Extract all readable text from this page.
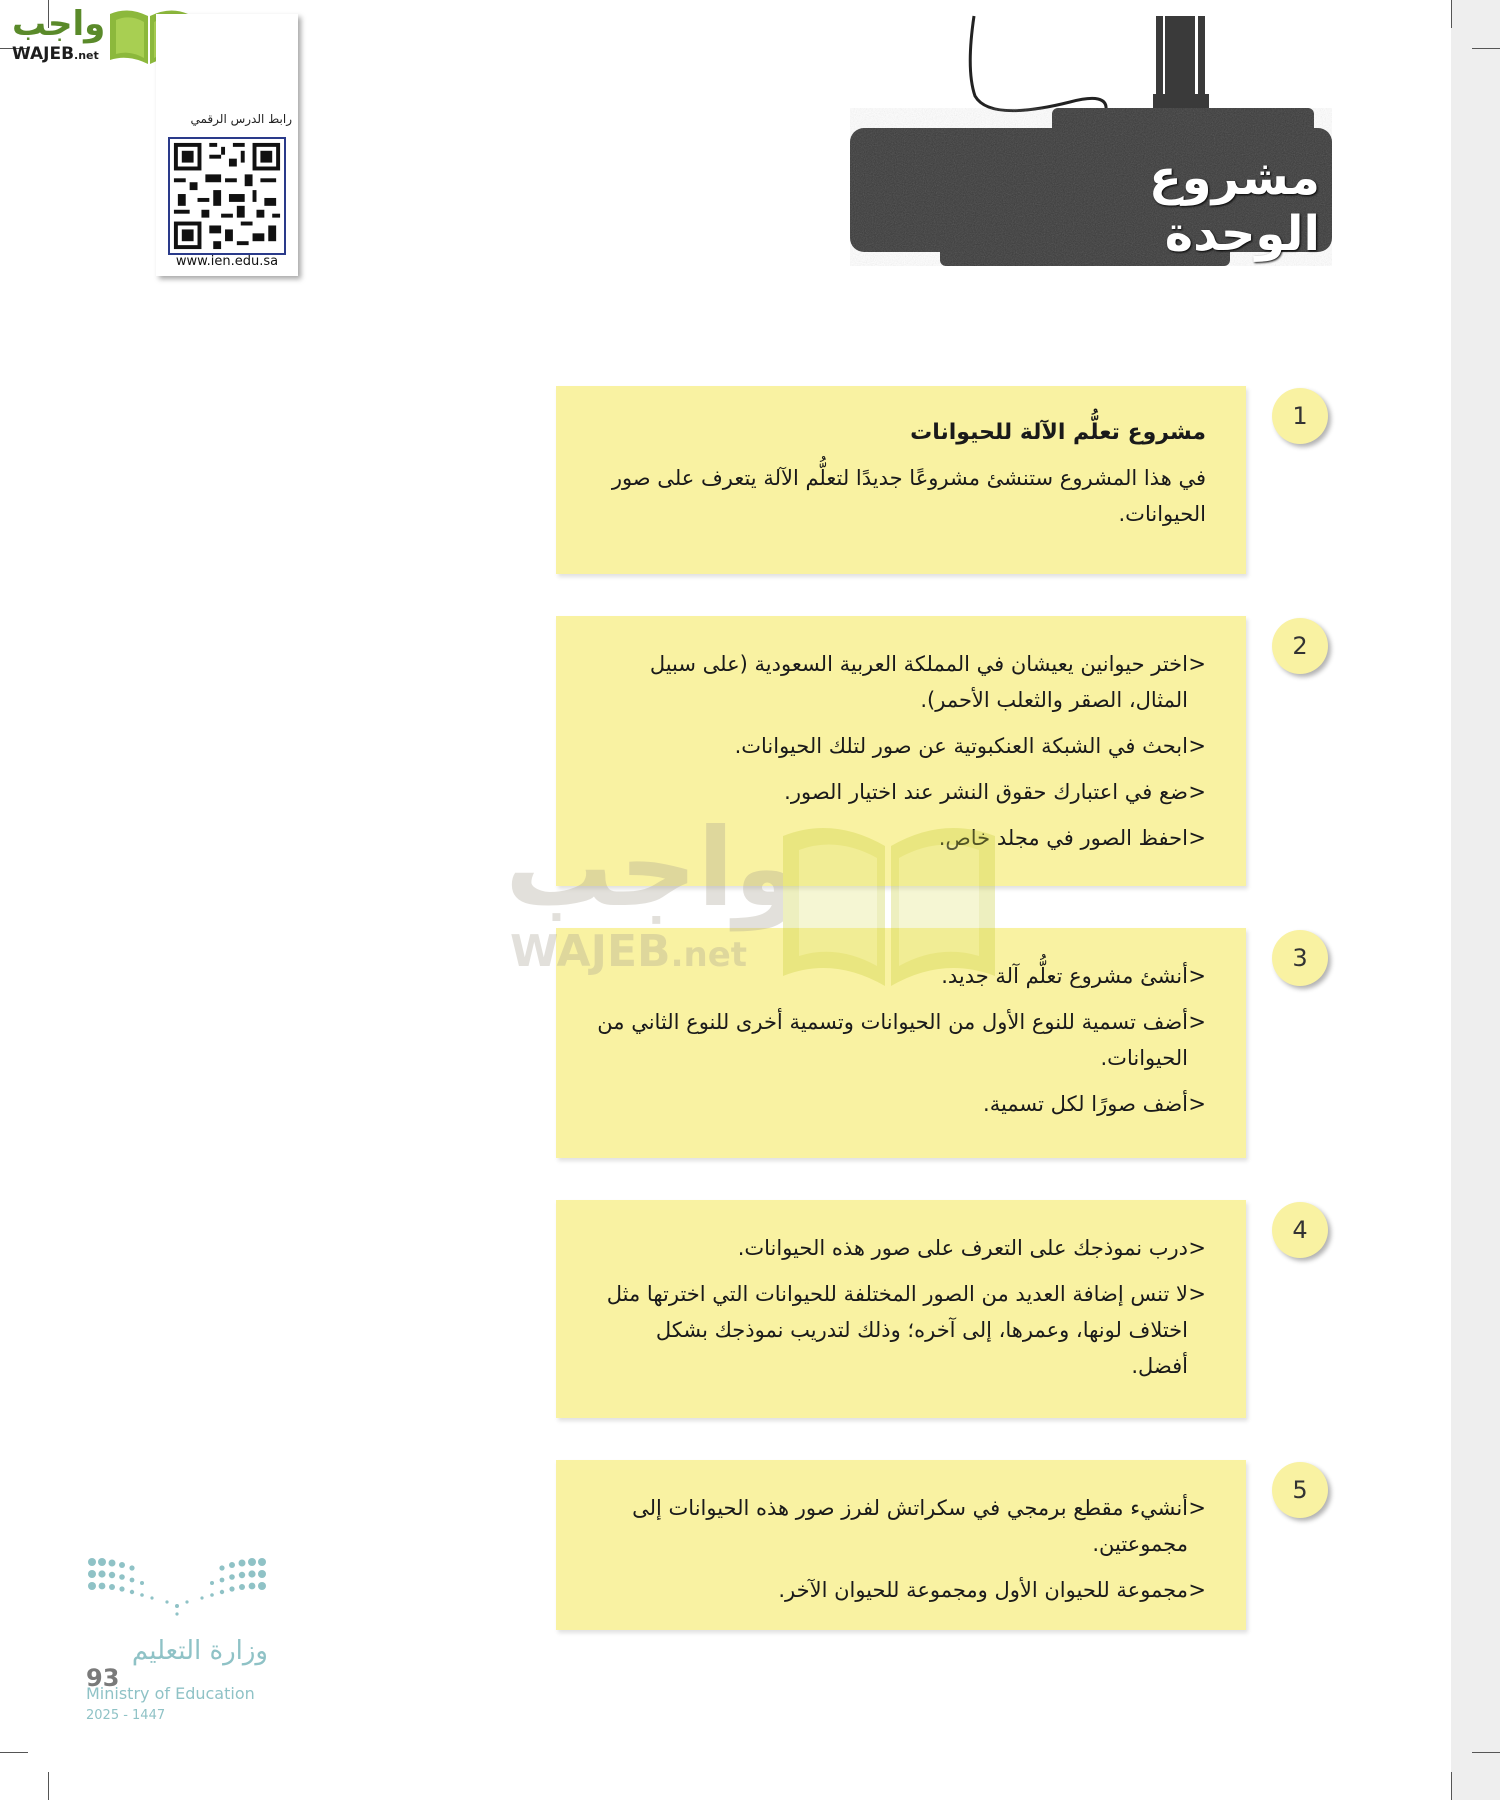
واجب
WAJEB.net
رابط الدرس الرقمي
www.ien.edu.sa
مشروع الوحدة
1

مشروع تعلُّم الآلة للحيوانات

في هذا المشروع ستنشئ مشروعًا جديدًا لتعلُّم الآلة يتعرف على صور الحيوانات.

2
<
اختر حيوانين يعيشان في المملكة العربية السعودية (على سبيل المثال، الصقر والثعلب الأحمر).
<
ابحث في الشبكة العنكبوتية عن صور لتلك الحيوانات.
<
ضع في اعتبارك حقوق النشر عند اختيار الصور.
<
احفظ الصور في مجلد خاص.
3
<
أنشئ مشروع تعلُّم آلة جديد.
<
أضف تسمية للنوع الأول من الحيوانات وتسمية أخرى للنوع الثاني من الحيوانات.
<
أضف صورًا لكل تسمية.
4
<
درب نموذجك على التعرف على صور هذه الحيوانات.
<
لا تنس إضافة العديد من الصور المختلفة للحيوانات التي اخترتها مثل اختلاف لونها، وعمرها، إلى آخره؛ وذلك لتدريب نموذجك بشكل أفضل.
5
<
أنشيء مقطع برمجي في سكراتش لفرز صور هذه الحيوانات إلى مجموعتين.
<
مجموعة للحيوان الأول ومجموعة للحيوان الآخر.
واجب
WAJEB.net
وزارة التعليم
Ministry of Education
2025 - 1447
93
